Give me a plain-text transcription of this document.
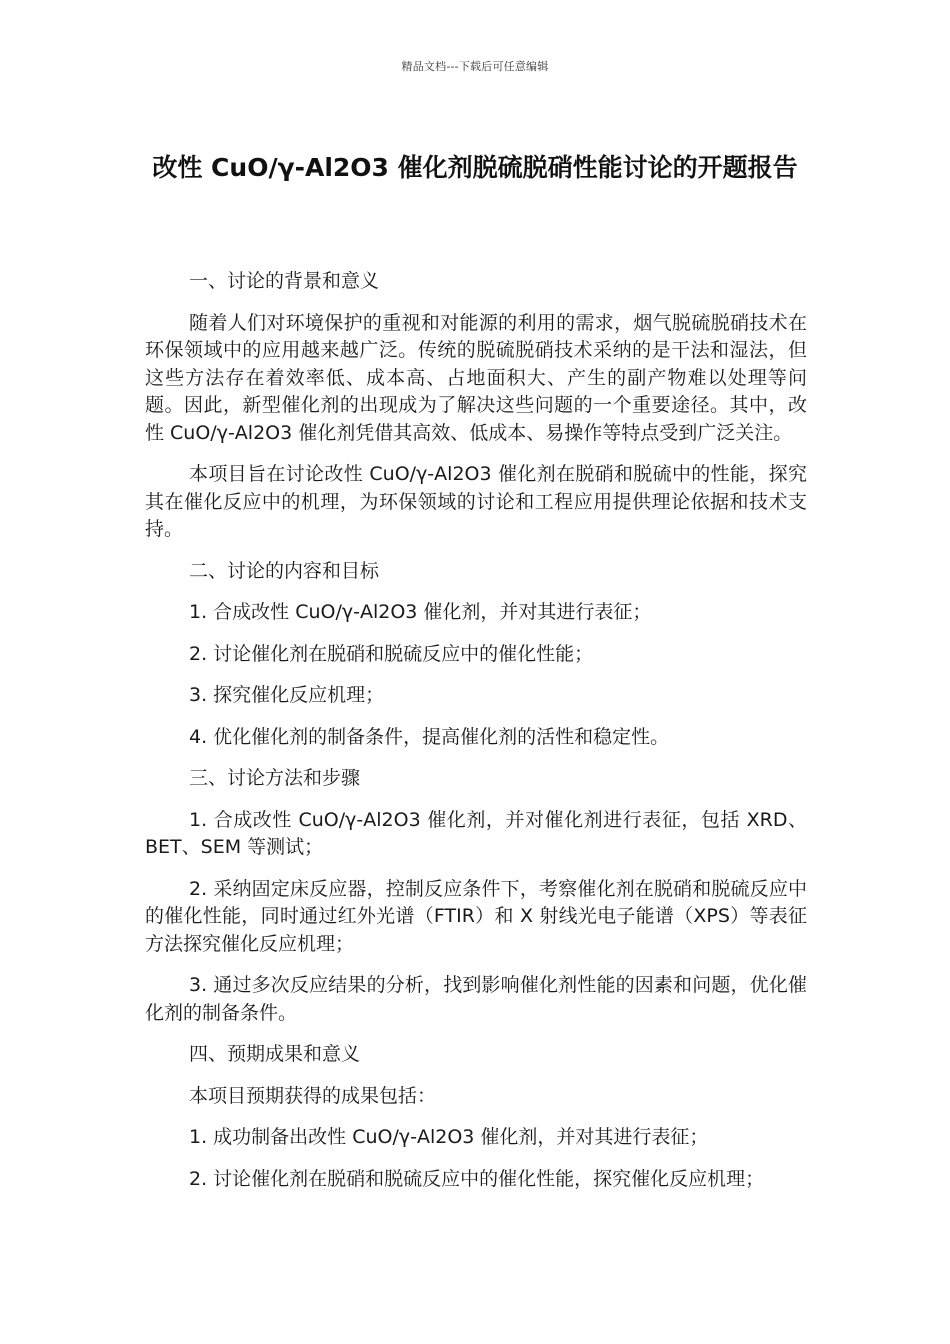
精品文档---下载后可任意编辑
改性 CuO/γ-Al2O3 催化剂脱硫脱硝性能讨论的开题报告

一、讨论的背景和意义

随着人们对环境保护的重视和对能源的利用的需求，烟气脱硫脱硝技术在环保领域中的应用越来越广泛。传统的脱硫脱硝技术采纳的是干法和湿法，但这些方法存在着效率低、成本高、占地面积大、产生的副产物难以处理等问题。因此，新型催化剂的出现成为了解决这些问题的一个重要途径。其中，改性 CuO/γ-Al2O3 催化剂凭借其高效、低成本、易操作等特点受到广泛关注。

本项目旨在讨论改性 CuO/γ-Al2O3 催化剂在脱硝和脱硫中的性能，探究其在催化反应中的机理，为环保领域的讨论和工程应用提供理论依据和技术支持。

二、讨论的内容和目标

1. 合成改性 CuO/γ-Al2O3 催化剂，并对其进行表征；

2. 讨论催化剂在脱硝和脱硫反应中的催化性能；

3. 探究催化反应机理；

4. 优化催化剂的制备条件，提高催化剂的活性和稳定性。

三、讨论方法和步骤

1. 合成改性 CuO/γ-Al2O3 催化剂，并对催化剂进行表征，包括 XRD、BET、SEM 等测试；

2. 采纳固定床反应器，控制反应条件下，考察催化剂在脱硝和脱硫反应中的催化性能，同时通过红外光谱（FTIR）和 X 射线光电子能谱（XPS）等表征方法探究催化反应机理；

3. 通过多次反应结果的分析，找到影响催化剂性能的因素和问题，优化催化剂的制备条件。

四、预期成果和意义

本项目预期获得的成果包括：

1. 成功制备出改性 CuO/γ-Al2O3 催化剂，并对其进行表征；

2. 讨论催化剂在脱硝和脱硫反应中的催化性能，探究催化反应机理；
